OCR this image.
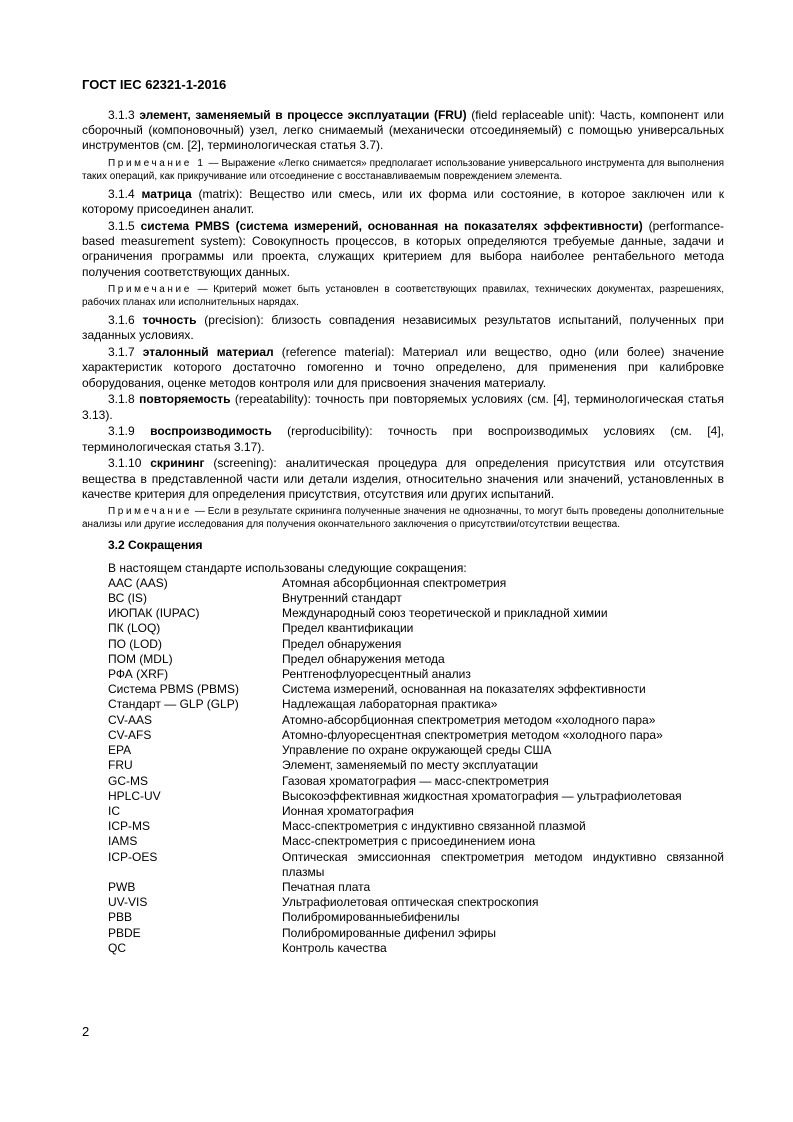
ГОСТ IEC 62321-1-2016

3.1.3 элемент, заменяемый в процессе эксплуатации (FRU) (field replaceable unit): Часть, компонент или сборочный (компоновочный) узел, легко снимаемый (механически отсоединяемый) с помощью универсальных инструментов (см. [2], терминологическая статья 3.7).

Примечание 1 — Выражение «Легко снимается» предполагает использование универсального инструмента для выполнения таких операций, как прикручивание или отсоединение с восстанавливаемым повреждением элемента.

3.1.4 матрица (matrix): Вещество или смесь, или их форма или состояние, в которое заключен или к которому присоединен аналит.

3.1.5 система PMBS (система измерений, основанная на показателях эффективности) (performance-based measurement system): Совокупность процессов, в которых определяются требуемые данные, задачи и ограничения программы или проекта, служащих критерием для выбора наиболее рентабельного метода получения соответствующих данных.

Примечание — Критерий может быть установлен в соответствующих правилах, технических документах, разрешениях, рабочих планах или исполнительных нарядах.

3.1.6 точность (precision): близость совпадения независимых результатов испытаний, полученных при заданных условиях.

3.1.7 эталонный материал (reference material): Материал или вещество, одно (или более) значение характеристик которого достаточно гомогенно и точно определено, для применения при калибровке оборудования, оценке методов контроля или для присвоения значения материалу.

3.1.8 повторяемость (repeatability): точность при повторяемых условиях (см. [4], терминологическая статья 3.13).

3.1.9 воспроизводимость (reproducibility): точность при воспроизводимых условиях (см. [4], терминологическая статья 3.17).

3.1.10 скрининг (screening): аналитическая процедура для определения присутствия или отсутствия вещества в представленной части или детали изделия, относительно значения или значений, установленных в качестве критерия для определения присутствия, отсутствия или других испытаний.

Примечание — Если в результате скрининга полученные значения не однозначны, то могут быть проведены дополнительные анализы или другие исследования для получения окончательного заключения о присутствии/отсутствии вещества.

3.2 Сокращения
В настоящем стандарте использованы следующие сокращения:
ААС (AAS)	Атомная абсорбционная спектрометрия
ВС (IS)	Внутренний стандарт
ИЮПАК (IUPAC)	Международный союз теоретической и прикладной химии
ПК (LOQ)	Предел квантификации
ПО (LOD)	Предел обнаружения
ПОМ (MDL)	Предел обнаружения метода
РФА (XRF)	Рентгенофлуоресцентный анализ
Система PBMS (PBMS)	Система измерений, основанная на показателях эффективности
Стандарт — GLP (GLP)	Надлежащая лабораторная практика»
CV-AAS	Атомно-абсорбционная спектрометрия методом «холодного пара»
CV-AFS	Атомно-флуоресцентная спектрометрия методом «холодного пара»
EPA	Управление по охране окружающей среды США
FRU	Элемент, заменяемый по месту эксплуатации
GC-MS	Газовая хроматография — масс-спектрометрия
HPLC-UV	Высокоэффективная жидкостная хроматография — ультрафиолетовая
IC	Ионная хроматография
ICP-MS	Масс-спектрометрия с индуктивно связанной плазмой
IAMS	Масс-спектрометрия с присоединением иона
ICP-OES	Оптическая эмиссионная спектрометрия методом индуктивно связанной плазмы
PWB	Печатная плата
UV-VIS	Ультрафиолетовая оптическая спектроскопия
PBB	Полибромированныебифенилы
PBDE	Полибромированные дифенил эфиры
QC	Контроль качества
2
